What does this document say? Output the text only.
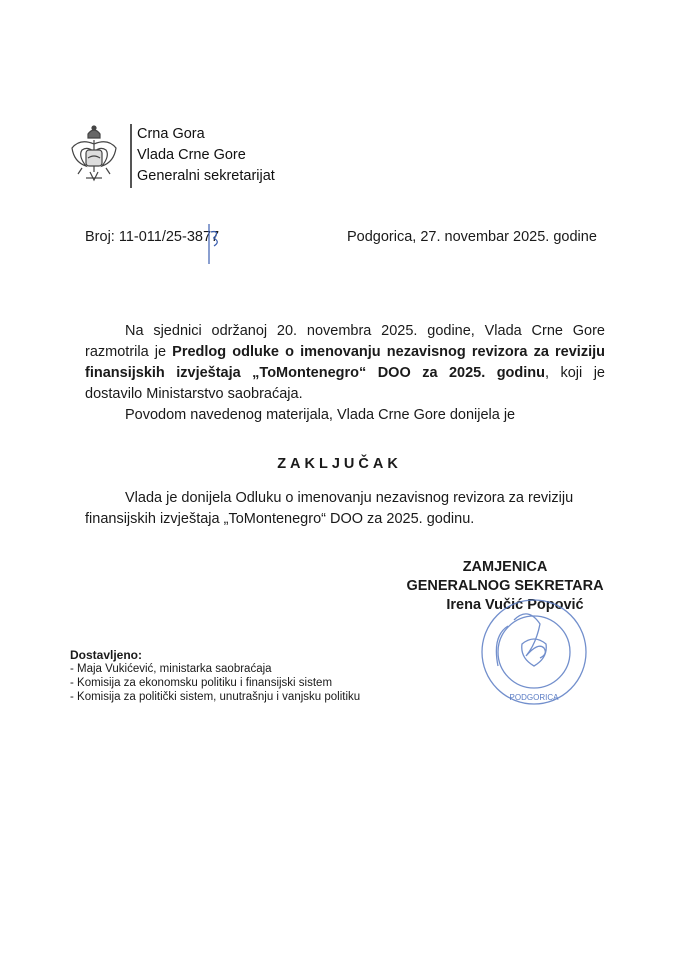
Crna Gora
Vlada Crne Gore
Generalni sekretarijat
Broj: 11-011/25-3877	Podgorica, 27. novembar 2025. godine
Na sjednici održanoj 20. novembra 2025. godine, Vlada Crne Gore razmotrila je Predlog odluke o imenovanju nezavisnog revizora za reviziju finansijskih izvještaja „ToMontenegro“ DOO za 2025. godinu, koji je dostavilo Ministarstvo saobraćaja.
Povodom navedenog materijala, Vlada Crne Gore donijela je
ZAKLJUČAK
Vlada je donijela Odluku o imenovanju nezavisnog revizora za reviziju finansijskih izvještaja „ToMontenegro“ DOO za 2025. godinu.
ZAMJENICA
GENERALNOG SEKRETARA
Irena Vučić Popović
PODGORICA
Dostavljeno:
- Maja Vukićević, ministarka saobraćaja
- Komisija za ekonomsku politiku i finansijski sistem
- Komisija za politički sistem, unutrašnju i vanjsku politiku
